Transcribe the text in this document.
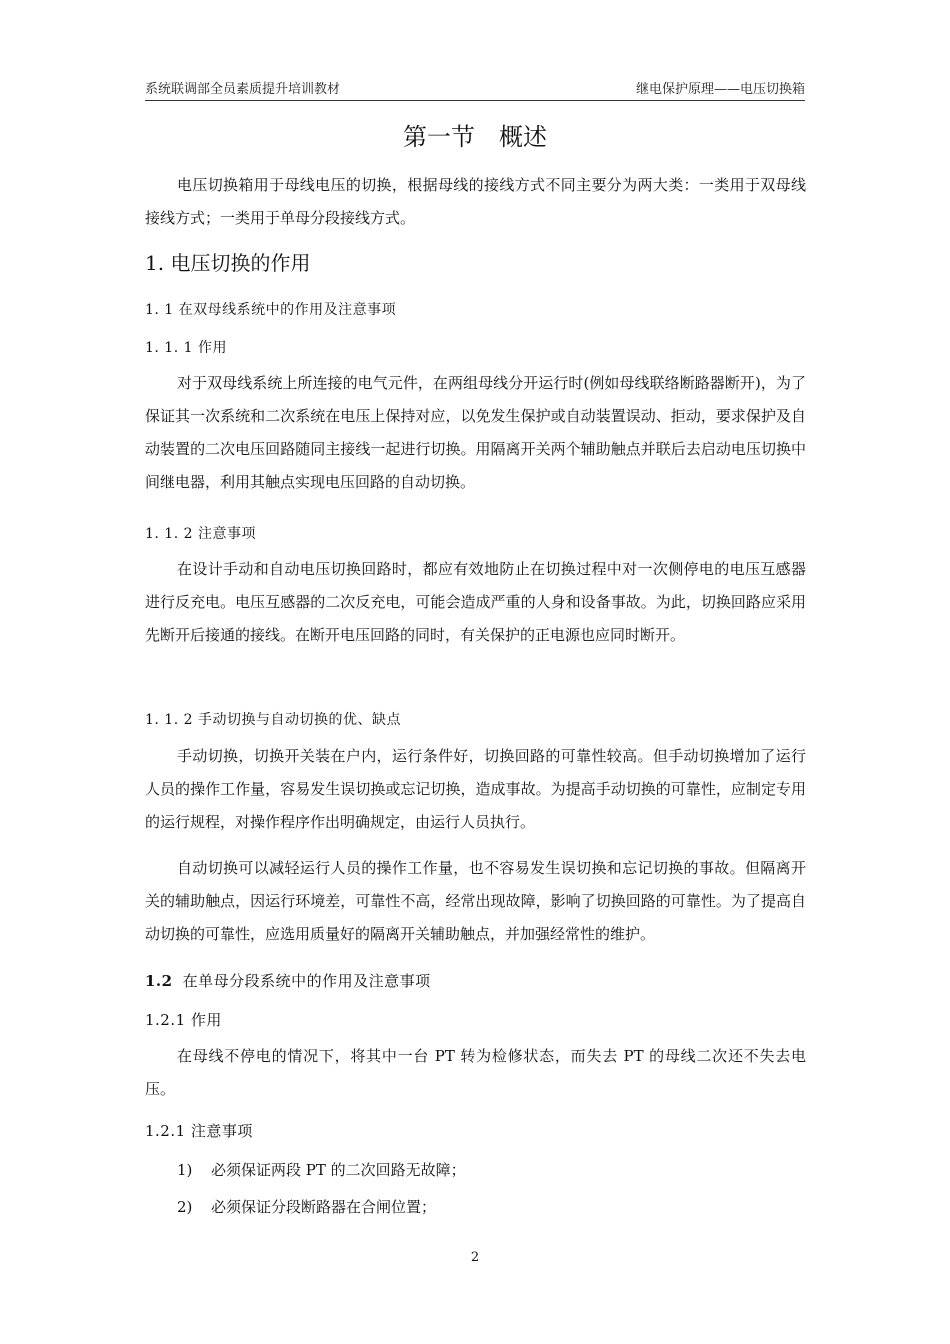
系统联调部全员素质提升培训教材	继电保护原理——电压切换箱
第一节 概述

电压切换箱用于母线电压的切换，根据母线的接线方式不同主要分为两大类：一类用于双母线接线方式；一类用于单母分段接线方式。

1. 电压切换的作用
1. 1 在双母线系统中的作用及注意事项
1. 1. 1 作用

对于双母线系统上所连接的电气元件，在两组母线分开运行时(例如母线联络断路器断开)，为了保证其一次系统和二次系统在电压上保持对应，以免发生保护或自动装置误动、拒动，要求保护及自动装置的二次电压回路随同主接线一起进行切换。用隔离开关两个辅助触点并联后去启动电压切换中间继电器，利用其触点实现电压回路的自动切换。

1. 1. 2 注意事项

在设计手动和自动电压切换回路时，都应有效地防止在切换过程中对一次侧停电的电压互感器进行反充电。电压互感器的二次反充电，可能会造成严重的人身和设备事故。为此，切换回路应采用先断开后接通的接线。在断开电压回路的同时，有关保护的正电源也应同时断开。

1. 1. 2 手动切换与自动切换的优、缺点

手动切换，切换开关装在户内，运行条件好，切换回路的可靠性较高。但手动切换增加了运行人员的操作工作量，容易发生误切换或忘记切换，造成事故。为提高手动切换的可靠性，应制定专用的运行规程，对操作程序作出明确规定，由运行人员执行。

自动切换可以减轻运行人员的操作工作量，也不容易发生误切换和忘记切换的事故。但隔离开关的辅助触点，因运行环境差，可靠性不高，经常出现故障，影响了切换回路的可靠性。为了提高自动切换的可靠性，应选用质量好的隔离开关辅助触点，并加强经常性的维护。

1.2 在单母分段系统中的作用及注意事项
1.2.1 作用

在母线不停电的情况下，将其中一台 PT 转为检修状态，而失去 PT 的母线二次还不失去电压。

1.2.1 注意事项
1) 必须保证两段 PT 的二次回路无故障；
2) 必须保证分段断路器在合闸位置；
2
